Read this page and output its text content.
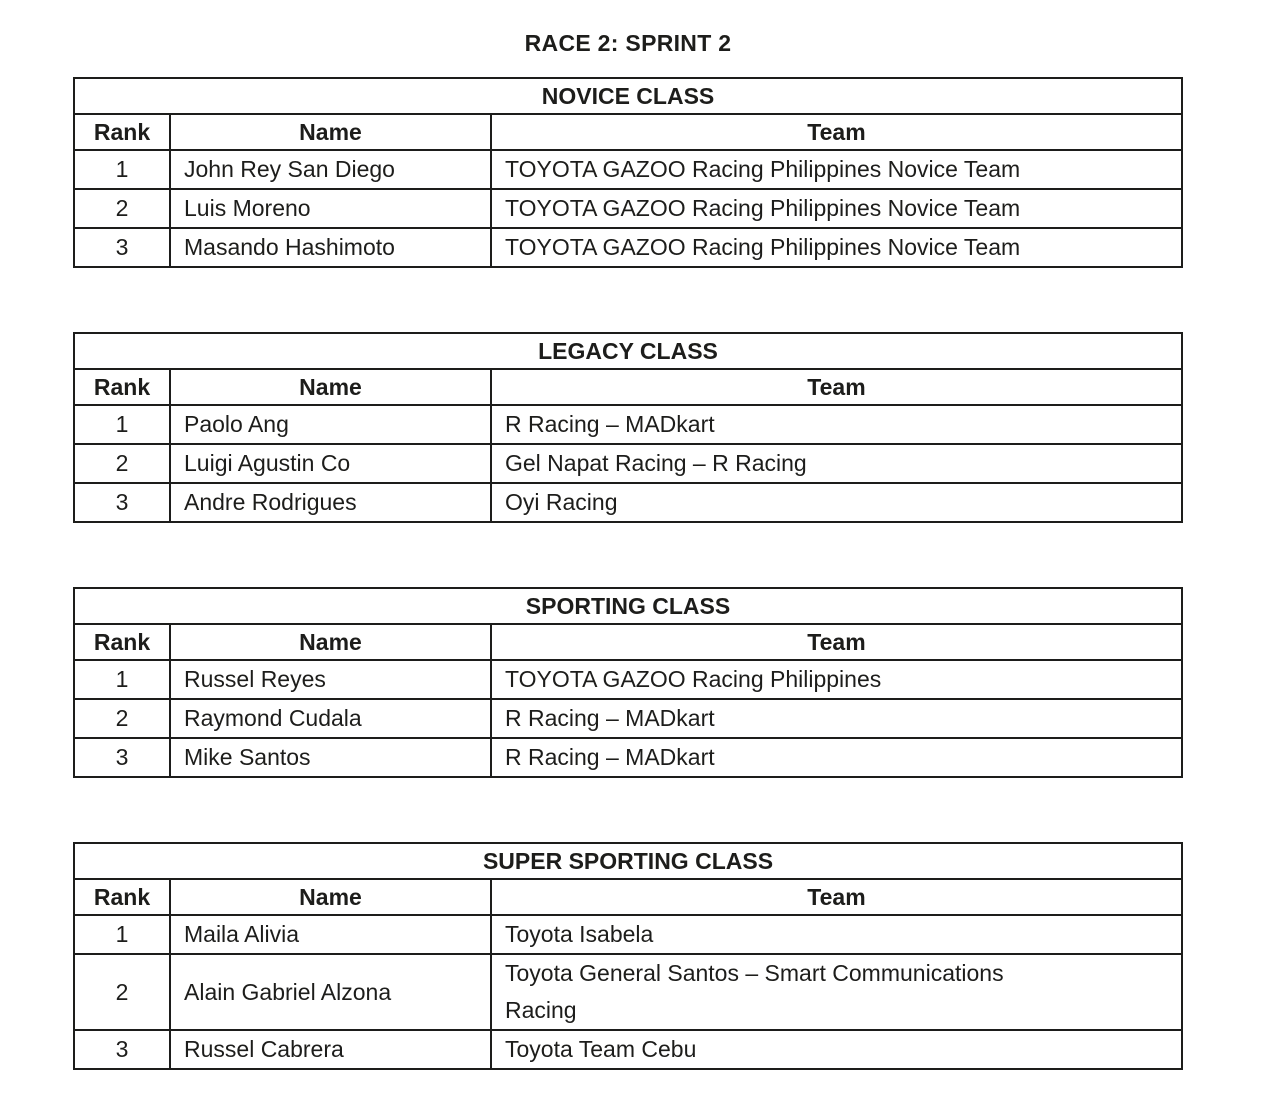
RACE 2: SPRINT 2
NOVICE CLASS		
Rank	Name	Team
1	John Rey San Diego	TOYOTA GAZOO Racing Philippines Novice Team
2	Luis Moreno	TOYOTA GAZOO Racing Philippines Novice Team
3	Masando Hashimoto	TOYOTA GAZOO Racing Philippines Novice Team
LEGACY CLASS		
Rank	Name	Team
1	Paolo Ang	R Racing – MADkart
2	Luigi Agustin Co	Gel Napat Racing – R Racing
3	Andre Rodrigues	Oyi Racing
SPORTING CLASS		
Rank	Name	Team
1	Russel Reyes	TOYOTA GAZOO Racing Philippines
2	Raymond Cudala	R Racing – MADkart
3	Mike Santos	R Racing – MADkart
SUPER SPORTING CLASS		
Rank	Name	Team
1	Maila Alivia	Toyota Isabela
2	Alain Gabriel Alzona	Toyota General Santos – Smart Communications Racing
3	Russel Cabrera	Toyota Team Cebu
